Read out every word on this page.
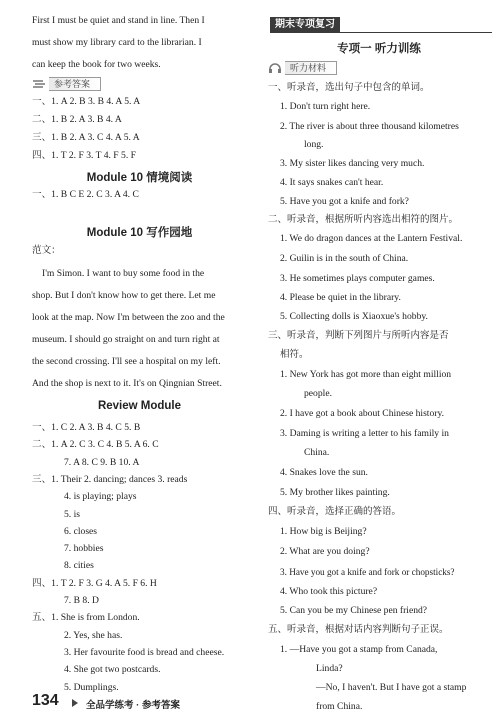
First I must be quiet and stand in line. Then I
must show my library card to the librarian. I
can keep the book for two weeks.
参考答案
一、1. A 2. B 3. B 4. A 5. A
二、1. B 2. A 3. B 4. A
三、1. B 2. A 3. C 4. A 5. A
四、1. T 2. F 3. T 4. F 5. F
Module 10 情境阅读
一、1. B C E 2. C 3. A 4. C
Module 10 写作园地
范文：
I'm Simon. I want to buy some food in the
shop. But I don't know how to get there. Let me
look at the map. Now I'm between the zoo and the
museum. I should go straight on and turn right at
the second crossing. I'll see a hospital on my left.
And the shop is next to it. It's on Qingnian Street.
Review Module
一、1. C 2. A 3. B 4. C 5. B
二、1. A 2. C 3. C 4. B 5. A 6. C
7. A 8. C 9. B 10. A
三、1. Their 2. dancing; dances 3. reads
4. is playing; plays
5. is
6. closes
7. hobbies
8. cities
四、1. T 2. F 3. G 4. A 5. F 6. H
7. B 8. D
五、1. She is from London.
2. Yes, she has.
3. Her favourite food is bread and cheese.
4. She got two postcards.
5. Dumplings.
期末专项复习
专项一 听力训练
听力材料
一、听录音，选出句子中包含的单词。
1. Don't turn right here.
2. The river is about three thousand kilometres
long.
3. My sister likes dancing very much.
4. It says snakes can't hear.
5. Have you got a knife and fork?
二、听录音，根据所听内容选出相符的图片。
1. We do dragon dances at the Lantern Festival.
2. Guilin is in the south of China.
3. He sometimes plays computer games.
4. Please be quiet in the library.
5. Collecting dolls is Xiaoxue's hobby.
三、听录音，判断下列图片与所听内容是否
相符。
1. New York has got more than eight million
people.
2. I have got a book about Chinese history.
3. Daming is writing a letter to his family in
China.
4. Snakes love the sun.
5. My brother likes painting.
四、听录音，选择正确的答语。
1. How big is Beijing?
2. What are you doing?
3. Have you got a knife and fork or chopsticks?
4. Who took this picture?
5. Can you be my Chinese pen friend?
五、听录音，根据对话内容判断句子正误。
1. —Have you got a stamp from Canada,
Linda?
—No, I haven't. But I have got a stamp
from China.
134	全品学练考 · 参考答案
